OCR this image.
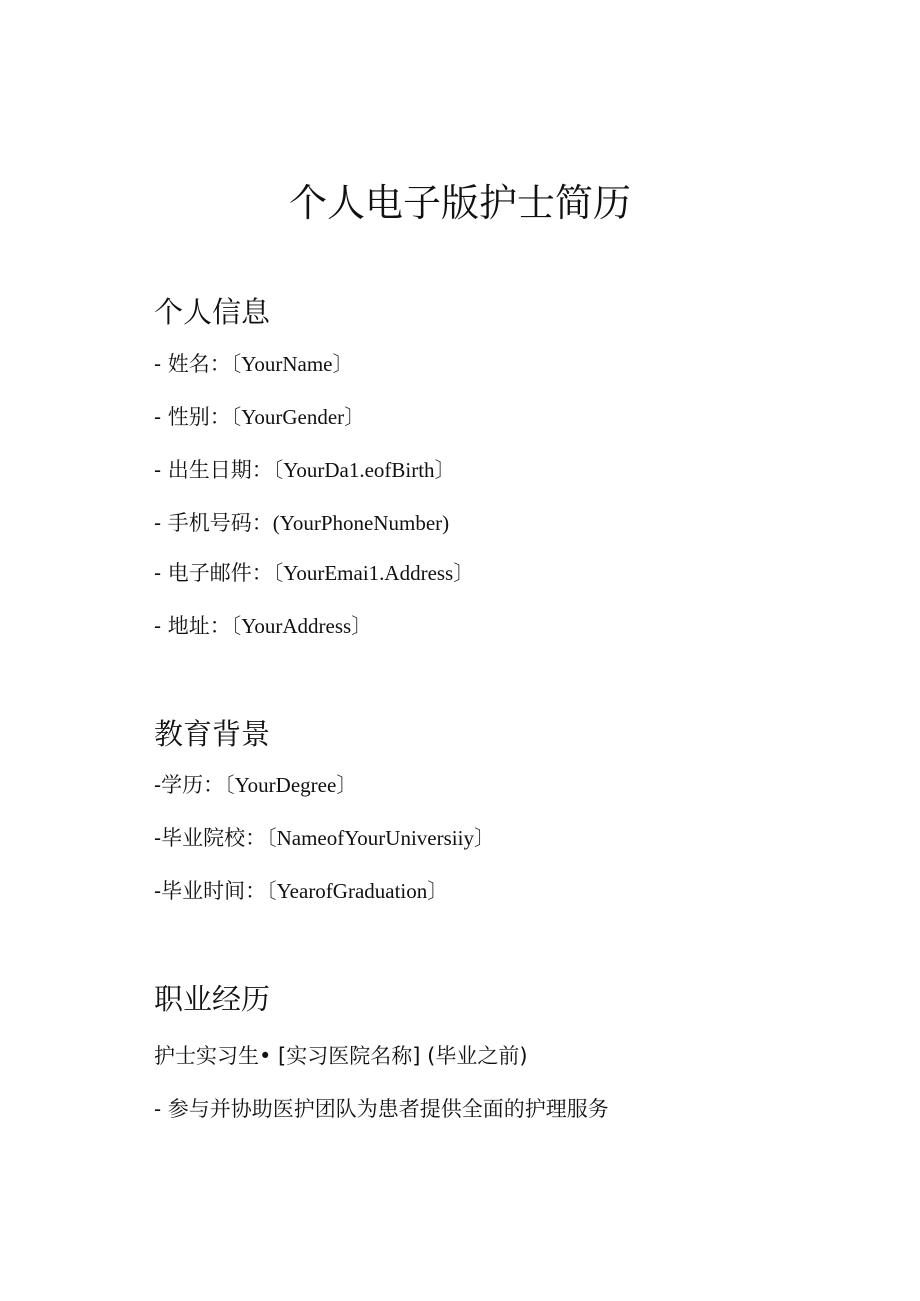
个人电子版护士简历
个人信息

- 姓名：〔YourName〕

- 性别：〔YourGender〕

- 出生日期：〔YourDa1.eofBirth〕

- 手机号码：(YourPhoneNumber)

- 电子邮件：〔YourEmai1.Address〕

- 地址：〔YourAddress〕

教育背景

-学历：〔YourDegree〕

-毕业院校：〔NameofYourUniversiiy〕

-毕业时间：〔YearofGraduation〕

职业经历

护士实习生• [实习医院名称] (毕业之前)

- 参与并协助医护团队为患者提供全面的护理服务
